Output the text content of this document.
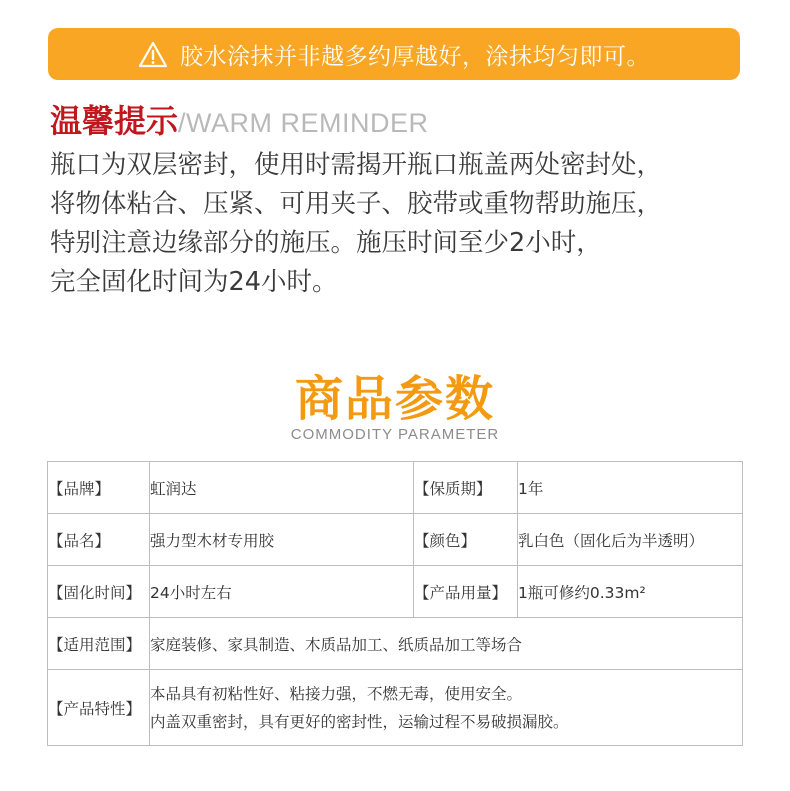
胶水涂抹并非越多约厚越好，涂抹均匀即可。
温馨提示 /WARM REMINDER
瓶口为双层密封，使用时需揭开瓶口瓶盖两处密封处，
将物体粘合、压紧、可用夹子、胶带或重物帮助施压，
特别注意边缘部分的施压。施压时间至少2小时，
完全固化时间为24小时。
商品参数
COMMODITY PARAMETER
【品牌】	虹润达	【保质期】	1年
【品名】	强力型木材专用胶	【颜色】	乳白色（固化后为半透明）
【固化时间】	24小时左右	【产品用量】	1瓶可修约0.33m²
【适用范围】	家庭装修、家具制造、木质品加工、纸质品加工等场合		
【产品特性】	本品具有初粘性好、粘接力强，不燃无毒，使用安全。
内盖双重密封，具有更好的密封性，运输过程不易破损漏胶。		
